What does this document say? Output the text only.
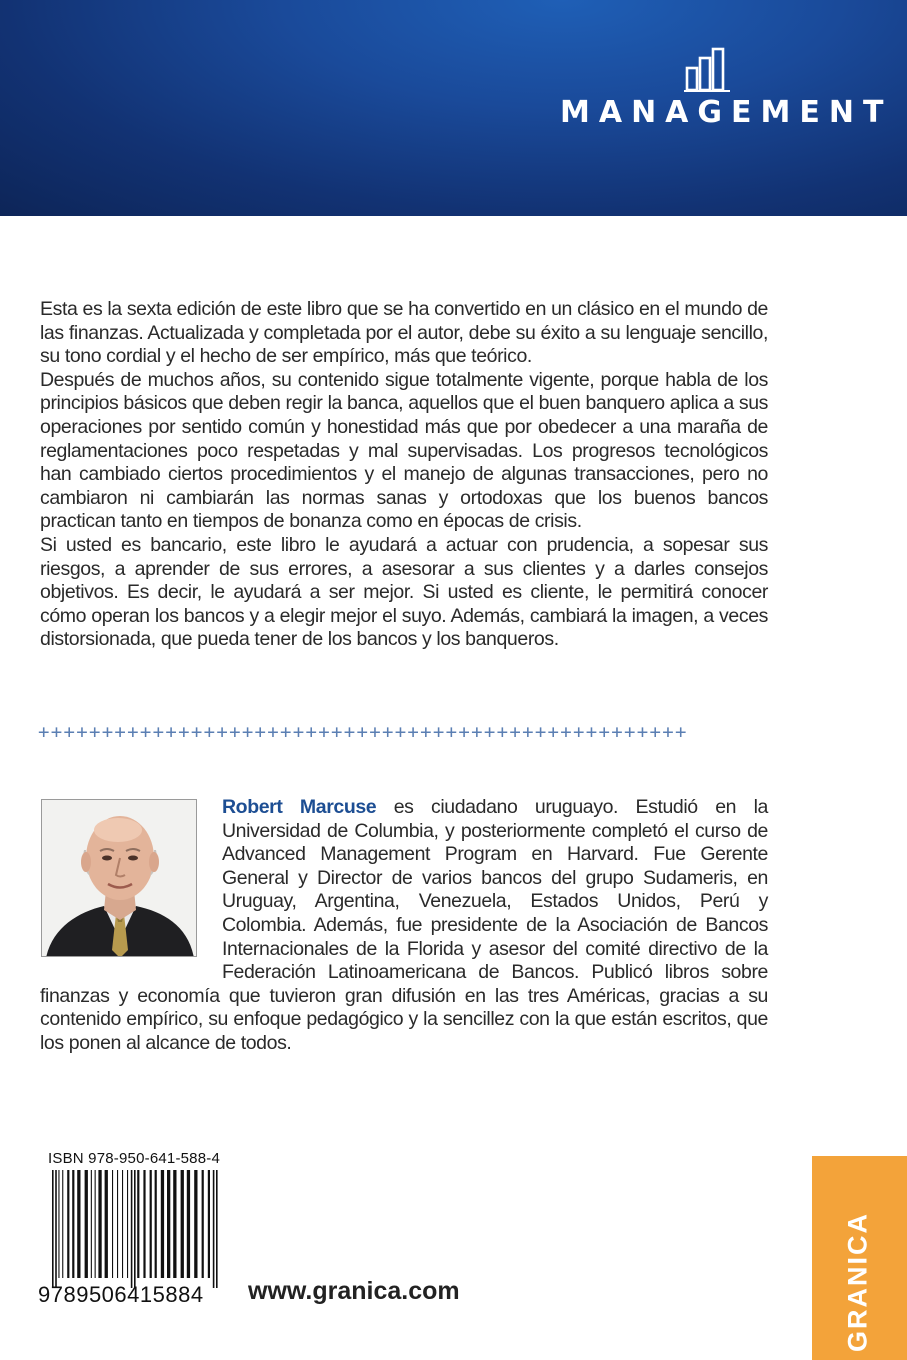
MANAGEMENT

Esta es la sexta edición de este libro que se ha convertido en un clásico en el mundo de las finanzas. Actualizada y completada por el autor, debe su éxito a su lenguaje sencillo, su tono cordial y el hecho de ser empírico, más que teórico.

Después de muchos años, su contenido sigue totalmente vigente, porque habla de los principios básicos que deben regir la banca, aquellos que el buen banquero aplica a sus operaciones por sentido común y honestidad más que por obedecer a una maraña de reglamentaciones poco respetadas y mal supervisadas. Los progresos tecnológicos han cambiado ciertos procedimientos y el manejo de algunas transacciones, pero no cambiaron ni cambiarán las normas sanas y ortodoxas que los buenos bancos practican tanto en tiempos de bonanza como en épocas de crisis.

Si usted es bancario, este libro le ayudará a actuar con prudencia, a sopesar sus riesgos, a aprender de sus errores, a asesorar a sus clientes y a darles consejos objetivos. Es decir, le ayudará a ser mejor. Si usted es cliente, le permitirá conocer cómo operan los bancos y a elegir mejor el suyo. Además, cambiará la imagen, a veces distorsionada, que pueda tener de los bancos y los banqueros.

+++++++++++++++++++++++++++++++++++++++++++++++++++
Robert Marcuse es ciudadano uruguayo. Estudió en la Universidad de Columbia, y posteriormente completó el curso de Advanced Management Program en Harvard. Fue Gerente General y Director de varios bancos del grupo Sudameris, en Uruguay, Argentina, Venezuela, Estados Unidos, Perú y Colombia. Además, fue presidente de la Asociación de Bancos Internacionales de la Florida y asesor del comité directivo de la Federación Latinoamericana de Bancos. Publicó libros sobre finanzas y economía que tuvieron gran difusión en las tres Américas, gracias a su contenido empírico, su enfoque pedagógico y la sencillez con la que están escritos, que los ponen al alcance de todos.
ISBN 978-950-641-588-4
9789506415884 www.granica.com	GRANICA
